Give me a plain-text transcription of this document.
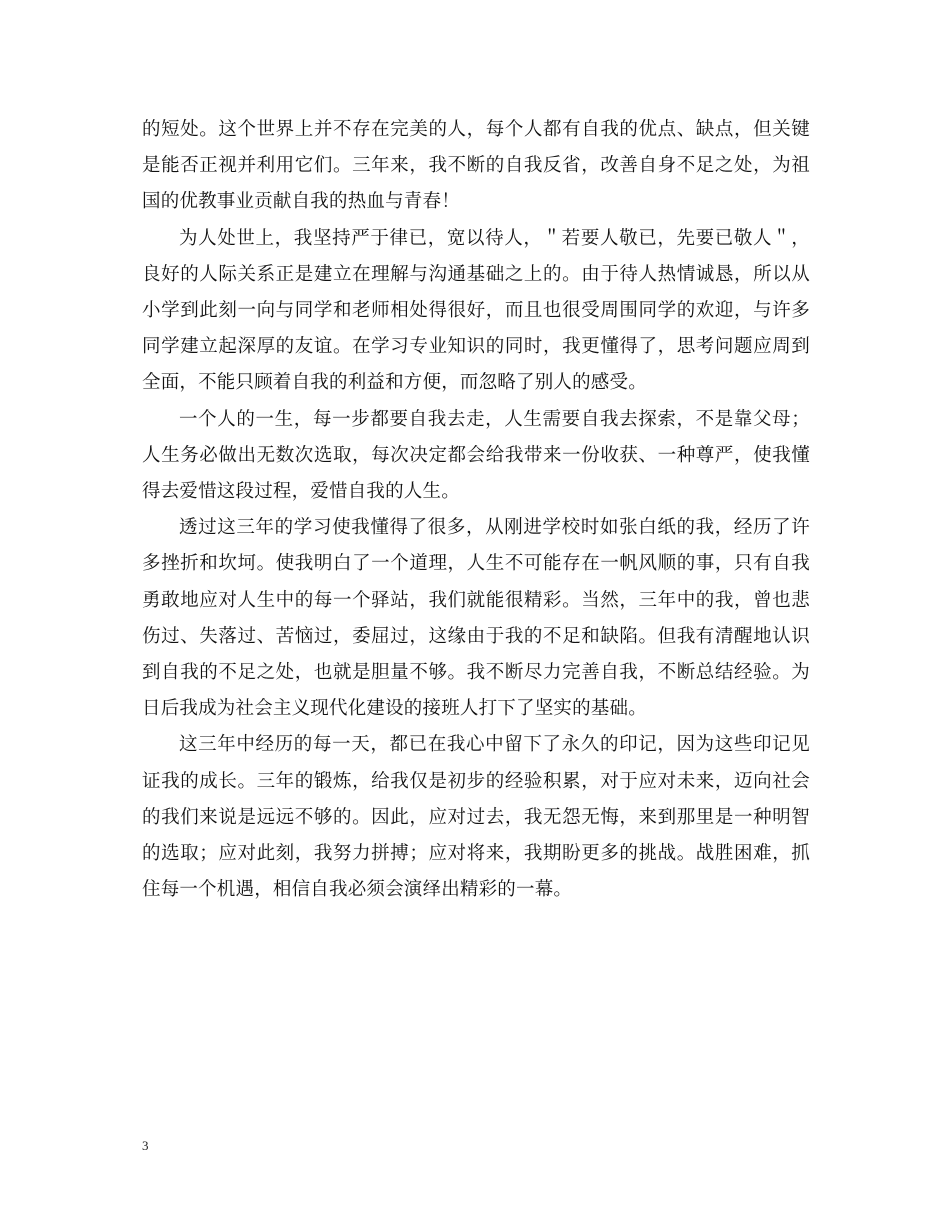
的短处。这个世界上并不存在完美的人，每个人都有自我的优点、缺点，但关键是能否正视并利用它们。三年来，我不断的自我反省，改善自身不足之处，为祖国的优教事业贡献自我的热血与青春！

为人处世上，我坚持严于律已，宽以待人，＂若要人敬已，先要已敬人＂，良好的人际关系正是建立在理解与沟通基础之上的。由于待人热情诚恳，所以从小学到此刻一向与同学和老师相处得很好，而且也很受周围同学的欢迎，与许多同学建立起深厚的友谊。在学习专业知识的同时，我更懂得了，思考问题应周到全面，不能只顾着自我的利益和方便，而忽略了别人的感受。

一个人的一生，每一步都要自我去走，人生需要自我去探索，不是靠父母；人生务必做出无数次选取，每次决定都会给我带来一份收获、一种尊严，使我懂得去爱惜这段过程，爱惜自我的人生。

透过这三年的学习使我懂得了很多，从刚进学校时如张白纸的我，经历了许多挫折和坎坷。使我明白了一个道理，人生不可能存在一帆风顺的事，只有自我勇敢地应对人生中的每一个驿站，我们就能很精彩。当然，三年中的我，曾也悲伤过、失落过、苦恼过，委屈过，这缘由于我的不足和缺陷。但我有清醒地认识到自我的不足之处，也就是胆量不够。我不断尽力完善自我，不断总结经验。为日后我成为社会主义现代化建设的接班人打下了坚实的基础。

这三年中经历的每一天，都已在我心中留下了永久的印记，因为这些印记见证我的成长。三年的锻炼，给我仅是初步的经验积累，对于应对未来，迈向社会的我们来说是远远不够的。因此，应对过去，我无怨无悔，来到那里是一种明智的选取；应对此刻，我努力拼搏；应对将来，我期盼更多的挑战。战胜困难，抓住每一个机遇，相信自我必须会演绎出精彩的一幕。

3
